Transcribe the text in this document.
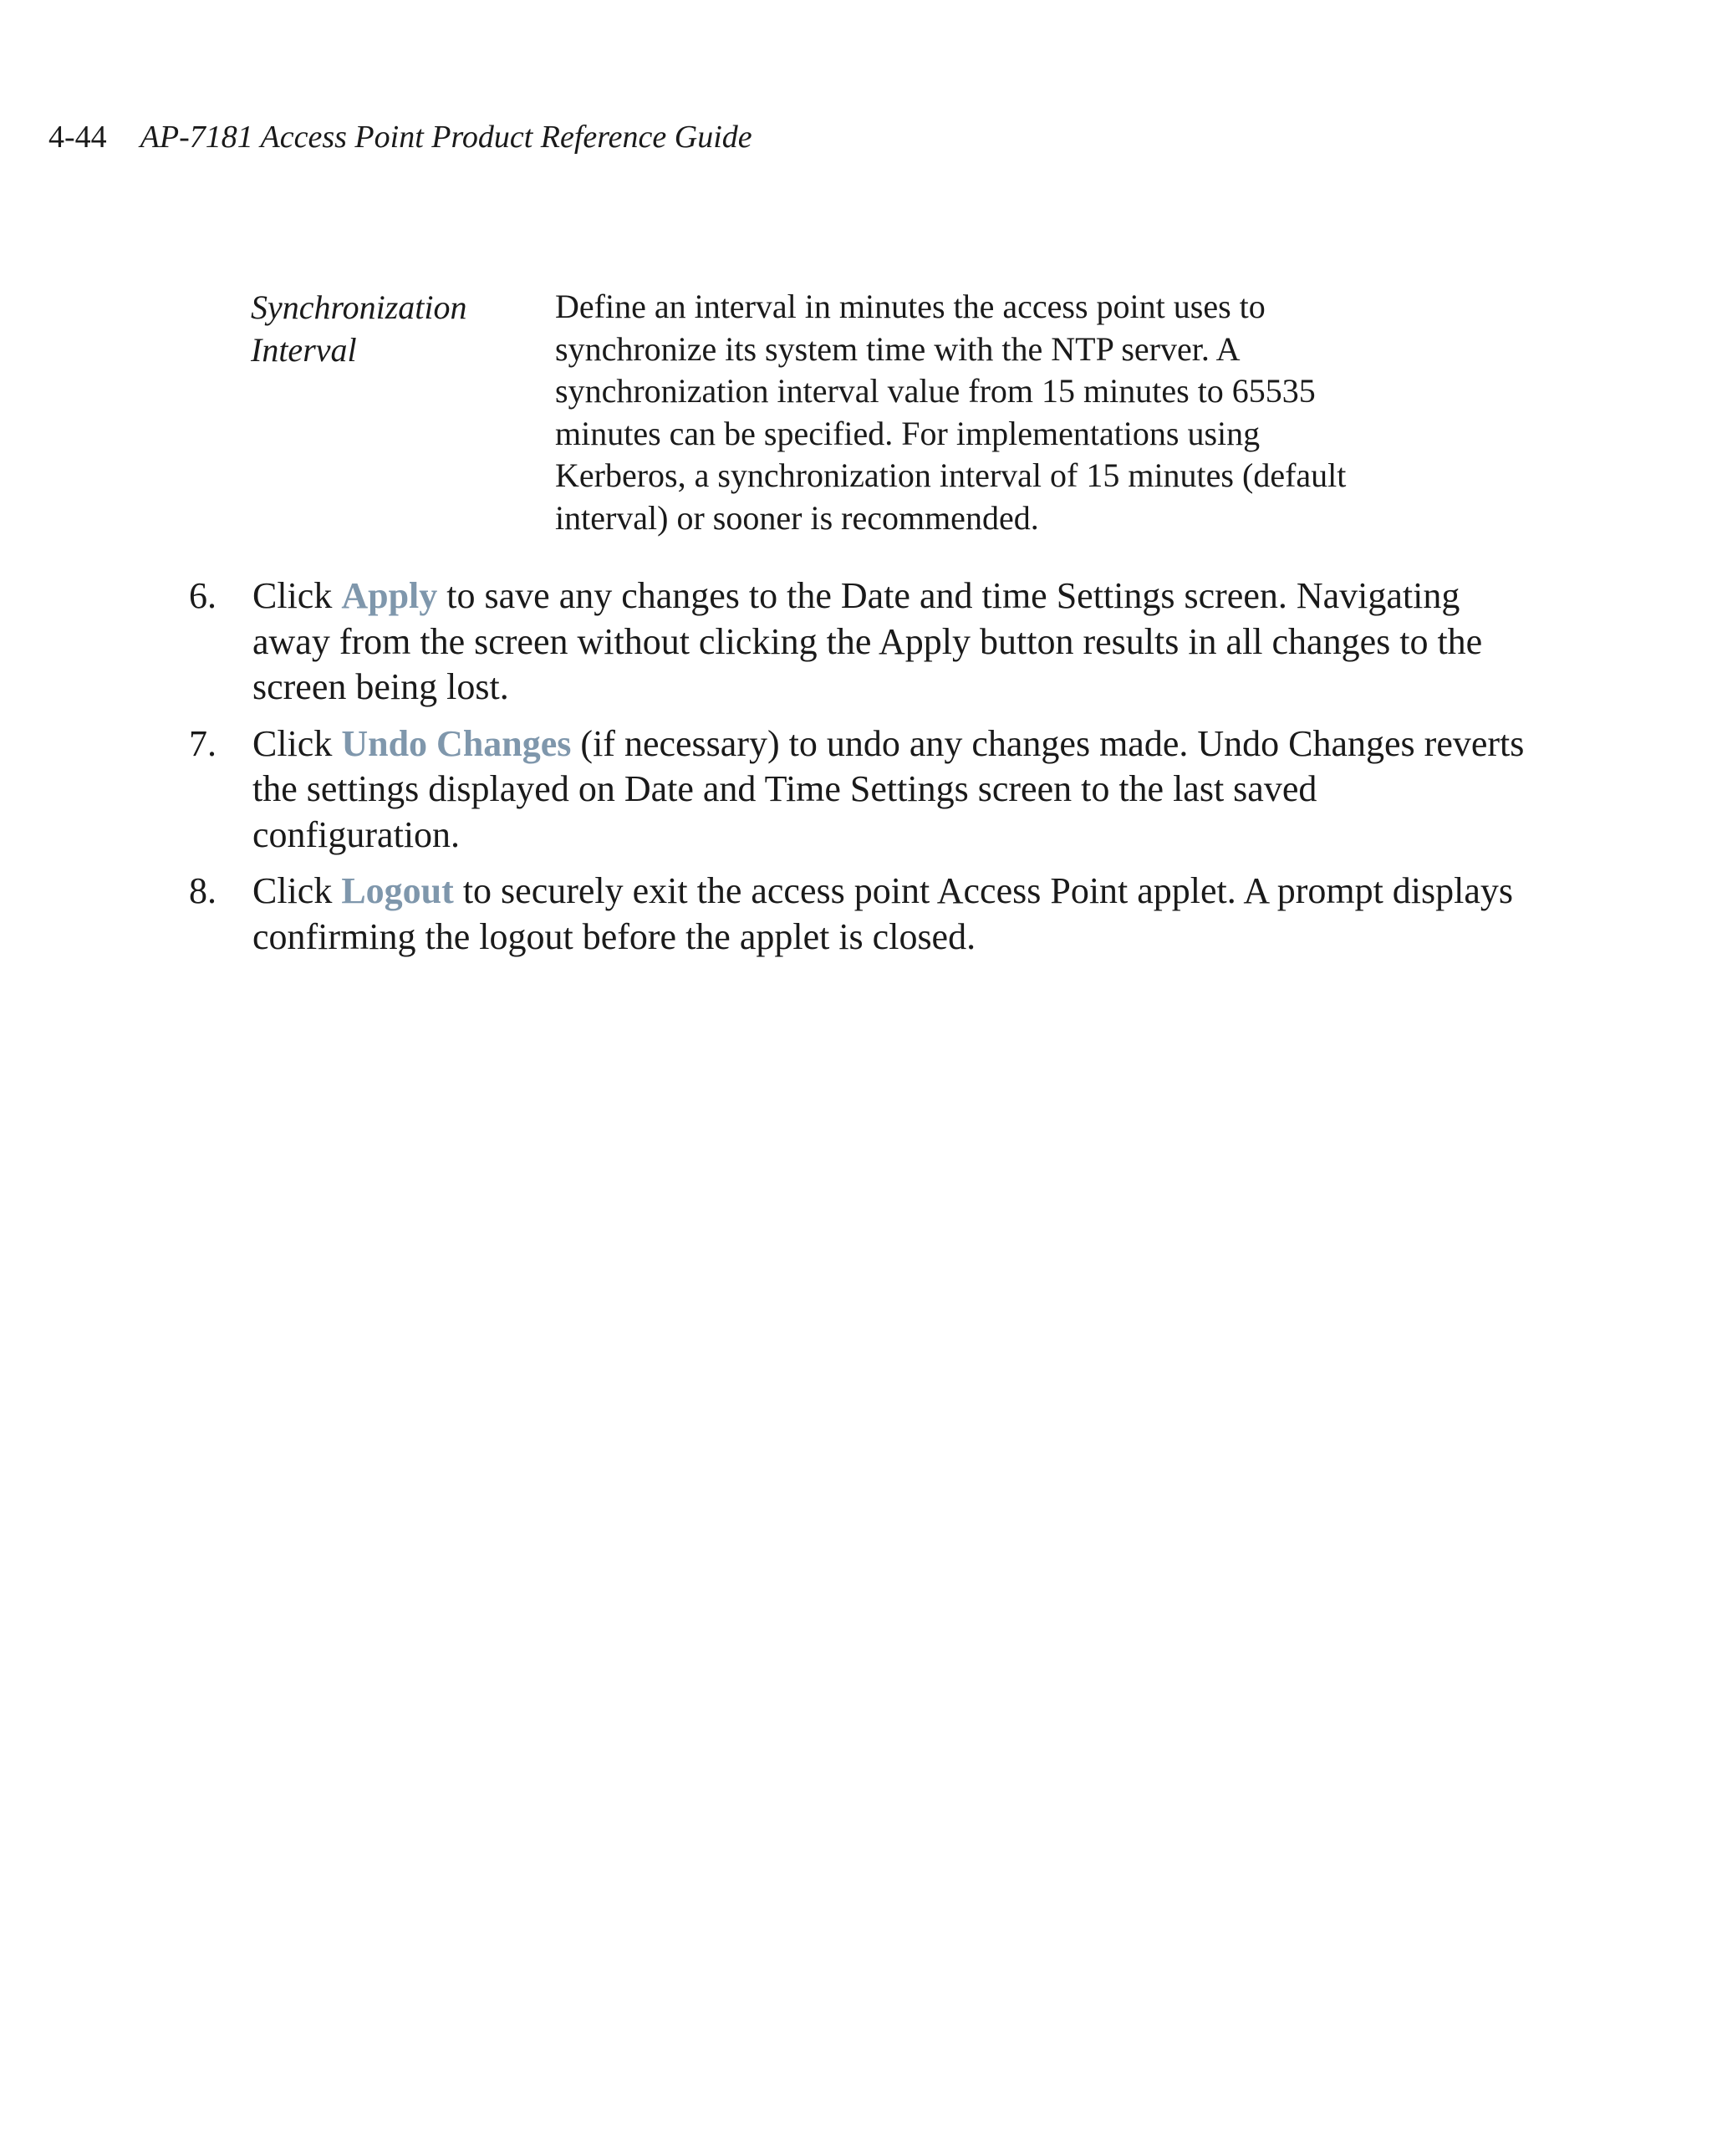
4-44 AP-7181 Access Point Product Reference Guide
Synchronization
Interval
Define an interval in minutes the access point uses to
synchronize its system time with the NTP server. A
synchronization interval value from 15 minutes to 65535
minutes can be specified. For implementations using
Kerberos, a synchronization interval of 15 minutes (default
interval) or sooner is recommended.
6. Click Apply to save any changes to the Date and time Settings screen. Navigating away from the screen without clicking the Apply button results in all changes to the screen being lost.
7. Click Undo Changes (if necessary) to undo any changes made. Undo Changes reverts the settings displayed on Date and Time Settings screen to the last saved configuration.
8. Click Logout to securely exit the access point Access Point applet. A prompt displays confirming the logout before the applet is closed.
